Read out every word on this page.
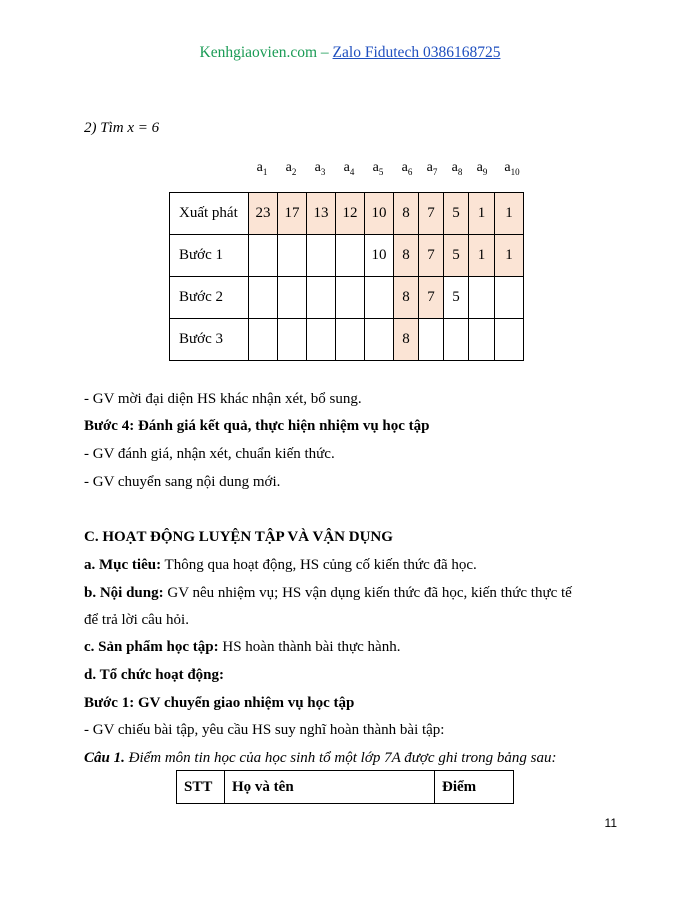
Kenhgiaovien.com – Zalo Fidutech 0386168725
2) Tìm x = 6
$a_1$ $a_2$ $a_3$ $a_4$ $a_5$ $a_6$ $a_7$ $a_8$ $a_9$ $a_{10}$
Xuất phát	23	17	13	12	10	8	7	5	1	1
Bước 1					10	8	7	5	1	1
Bước 2						8	7	5		
Bước 3						8				
- GV mời đại diện HS khác nhận xét, bổ sung.
Bước 4: Đánh giá kết quả, thực hiện nhiệm vụ học tập
- GV đánh giá, nhận xét, chuẩn kiến thức.
- GV chuyển sang nội dung mới.
C. HOẠT ĐỘNG LUYỆN TẬP VÀ VẬN DỤNG
a. Mục tiêu: Thông qua hoạt động, HS củng cố kiến thức đã học.
b. Nội dung: GV nêu nhiệm vụ; HS vận dụng kiến thức đã học, kiến thức thực tế
để trả lời câu hỏi.
c. Sản phẩm học tập: HS hoàn thành bài thực hành.
d. Tổ chức hoạt động:
Bước 1: GV chuyển giao nhiệm vụ học tập
- GV chiếu bài tập, yêu cầu HS suy nghĩ hoàn thành bài tập:
Câu 1. Điểm môn tin học của học sinh tổ một lớp 7A được ghi trong bảng sau:
STT	Họ và tên	Điểm
11
